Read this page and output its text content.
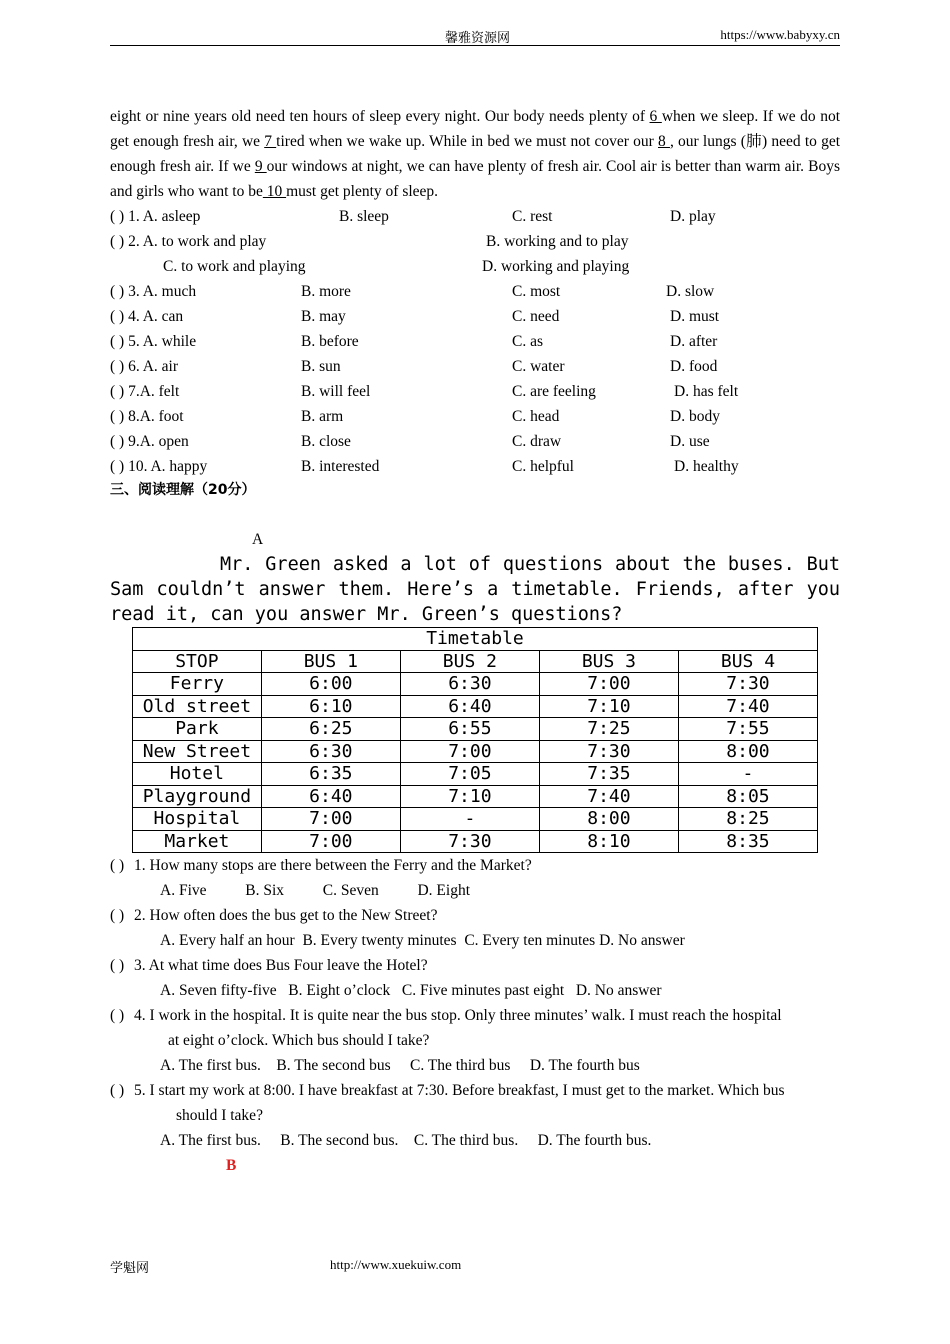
馨雅资源网	https://www.babyxy.cn

eight or nine years old need ten hours of sleep every night. Our body needs plenty of 6 when we sleep. If we do not get enough fresh air, we 7 tired when we wake up. While in bed we must not cover our 8 , our lungs (肺) need to get enough fresh air. If we 9 our windows at night, we can have plenty of fresh air. Cool air is better than warm air. Boys and girls who want to be 10 must get plenty of sleep.

( ) 1. A. asleep	B. sleep	C. rest	D. play
( ) 2. A. to work and play	B. working and to play
C. to work and playing	D. working and playing
( ) 3. A. much	B. more	C. most	D. slow
( ) 4. A. can	B. may	C. need	D. must
( ) 5. A. while	B. before	C. as	D. after
( ) 6. A. air	B. sun	C. water	D. food
( ) 7.A. felt	B. will feel	C. are feeling	D. has felt
( ) 8.A. foot	B. arm	C. head	D. body
( ) 9.A. open	B. close	C. draw	D. use
( ) 10. A. happy	B. interested	C. helpful	D. healthy
三、阅读理解（20分）
A

Mr. Green asked a lot of questions about the buses. But Sam couldn’t answer them. Here’s a timetable. Friends, after you read it, can you answer Mr. Green’s questions?

Timetable				
STOP	BUS 1	BUS 2	BUS 3	BUS 4
Ferry	6:00	6:30	7:00	7:30
Old street	6:10	6:40	7:10	7:40
Park	6:25	6:55	7:25	7:55
New Street	6:30	7:00	7:30	8:00
Hotel	6:35	7:05	7:35	-
Playground	6:40	7:10	7:40	8:05
Hospital	7:00	-	8:00	8:25
Market	7:00	7:30	8:10	8:35
( ) 1. How many stops are there between the Ferry and the Market?
A. Five          B. Six          C. Seven          D. Eight
( ) 2. How often does the bus get to the New Street?
A. Every half an hour  B. Every twenty minutes  C. Every ten minutes D. No answer
( ) 3. At what time does Bus Four leave the Hotel?
A. Seven fifty-five   B. Eight o’clock   C. Five minutes past eight   D. No answer
( ) 4. I work in the hospital. It is quite near the bus stop. Only three minutes’ walk. I must reach the hospital
at eight o’clock. Which bus should I take?
A. The first bus.    B. The second bus     C. The third bus     D. The fourth bus
( ) 5. I start my work at 8:00. I have breakfast at 7:30. Before breakfast, I must get to the market. Which bus
should I take?
A. The first bus.     B. The second bus.    C. The third bus.     D. The fourth bus.
B
学魁网	http://www.xuekuiw.com
